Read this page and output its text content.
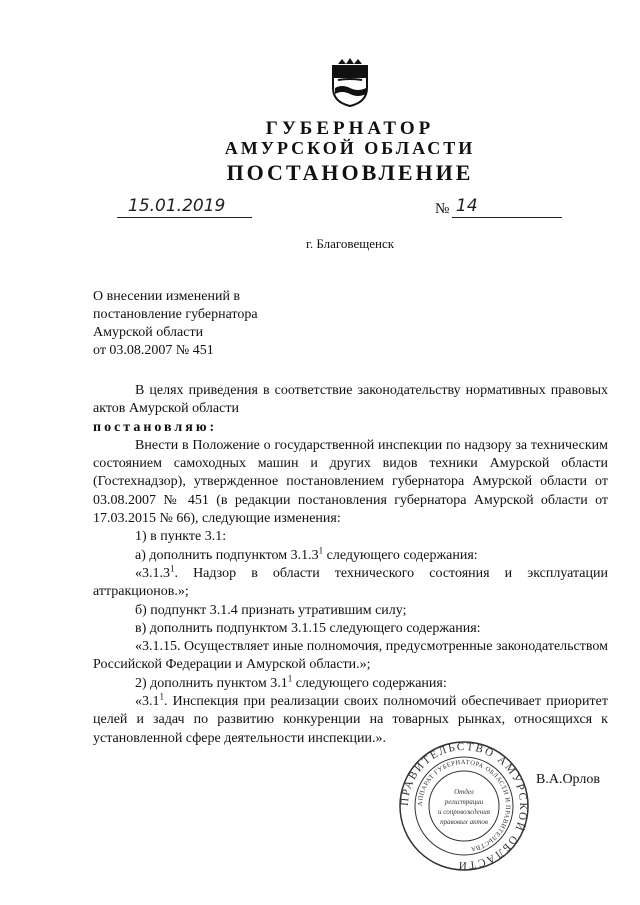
ГУБЕРНАТОР
АМУРСКОЙ ОБЛАСТИ
ПОСТАНОВЛЕНИЕ
15.01.2019	№ 14
г. Благовещенск
О внесении изменений в
постановление губернатора
Амурской области
от 03.08.2007 № 451

В целях приведения в соответствие законодательству нормативных правовых актов Амурской области

постановляю:

Внести в Положение о государственной инспекции по надзору за техническим состоянием самоходных машин и других видов техники Амурской области (Гостехнадзор), утвержденное постановлением губернатора Амурской области от 03.08.2007 № 451 (в редакции постановления губернатора Амурской области от 17.03.2015 № 66), следующие изменения:

1) в пункте 3.1:

а) дополнить подпунктом 3.1.3$^1$ следующего содержания:

«3.1.3$^1$. Надзор в области технического состояния и эксплуатации аттракционов.»;

б) подпункт 3.1.4 признать утратившим силу;

в) дополнить подпунктом 3.1.15 следующего содержания:

«3.1.15. Осуществляет иные полномочия, предусмотренные законодательством Российской Федерации и Амурской области.»;

2) дополнить пунктом $3.1^1$ следующего содержания:

«$3.1^1$. Инспекция при реализации своих полномочий обеспечивает приоритет целей и задач по развитию конкуренции на товарных рынках, относящихся к установленной сфере деятельности инспекции.».

ПРАВИТЕЛЬСТВО АМУРСКОЙ ОБЛАСТИ
АППАРАТ ГУБЕРНАТОРА ОБЛАСТИ И ПРАВИТЕЛЬСТВА
Отдел
регистрации
и сопровождения
правовых актов
В.А.Орлов
